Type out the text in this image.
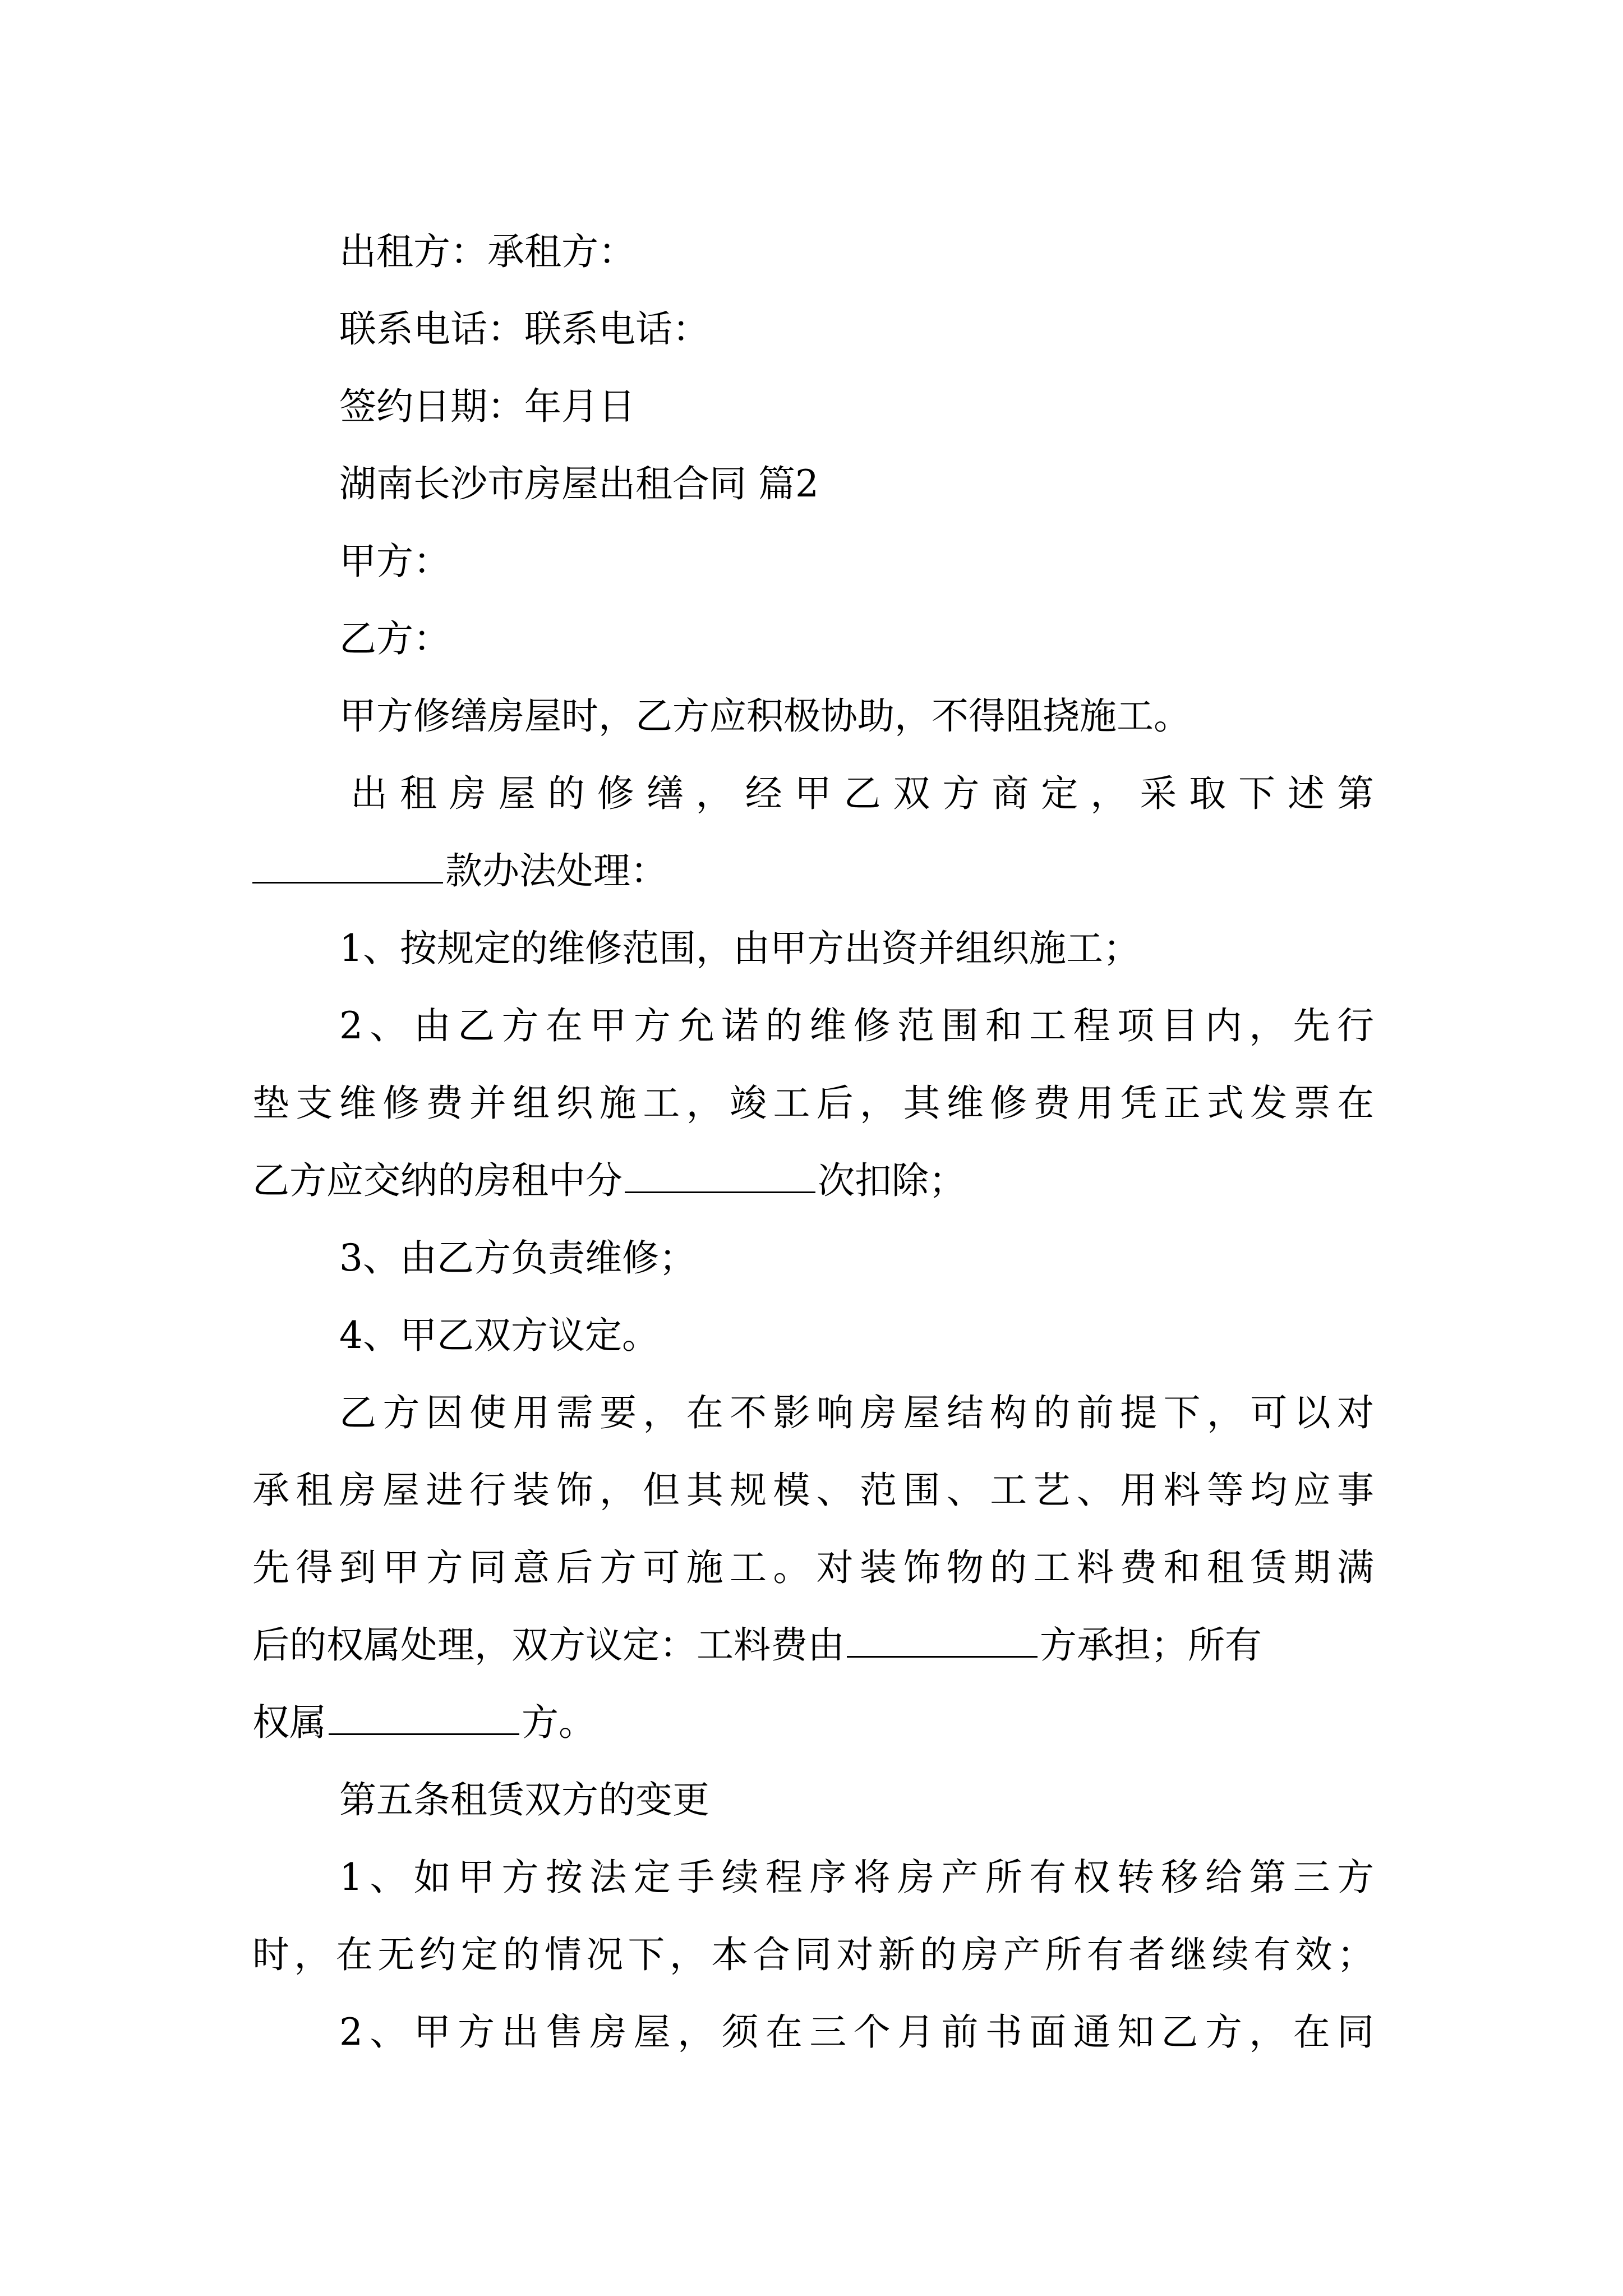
出租方：承租方：
联系电话：联系电话：
签约日期：年月日
湖南长沙市房屋出租合同 篇2
甲方：
乙方：
甲方修缮房屋时，乙方应积极协助，不得阻挠施工。
出租房屋的修缮，经甲乙双方商定，采取下述第
款办法处理：
1、按规定的维修范围，由甲方出资并组织施工；
2、由乙方在甲方允诺的维修范围和工程项目内，先行
垫支维修费并组织施工，竣工后，其维修费用凭正式发票在
乙方应交纳的房租中分	次扣除；
3、由乙方负责维修；
4、甲乙双方议定。
乙方因使用需要，在不影响房屋结构的前提下，可以对
承租房屋进行装饰，但其规模、范围、工艺、用料等均应事
先得到甲方同意后方可施工。对装饰物的工料费和租赁期满
后的权属处理，双方议定：工料费由	方承担；所有
权属	方。
第五条租赁双方的变更
1、如甲方按法定手续程序将房产所有权转移给第三方
时，在无约定的情况下，本合同对新的房产所有者继续有效；
2、甲方出售房屋，须在三个月前书面通知乙方，在同
